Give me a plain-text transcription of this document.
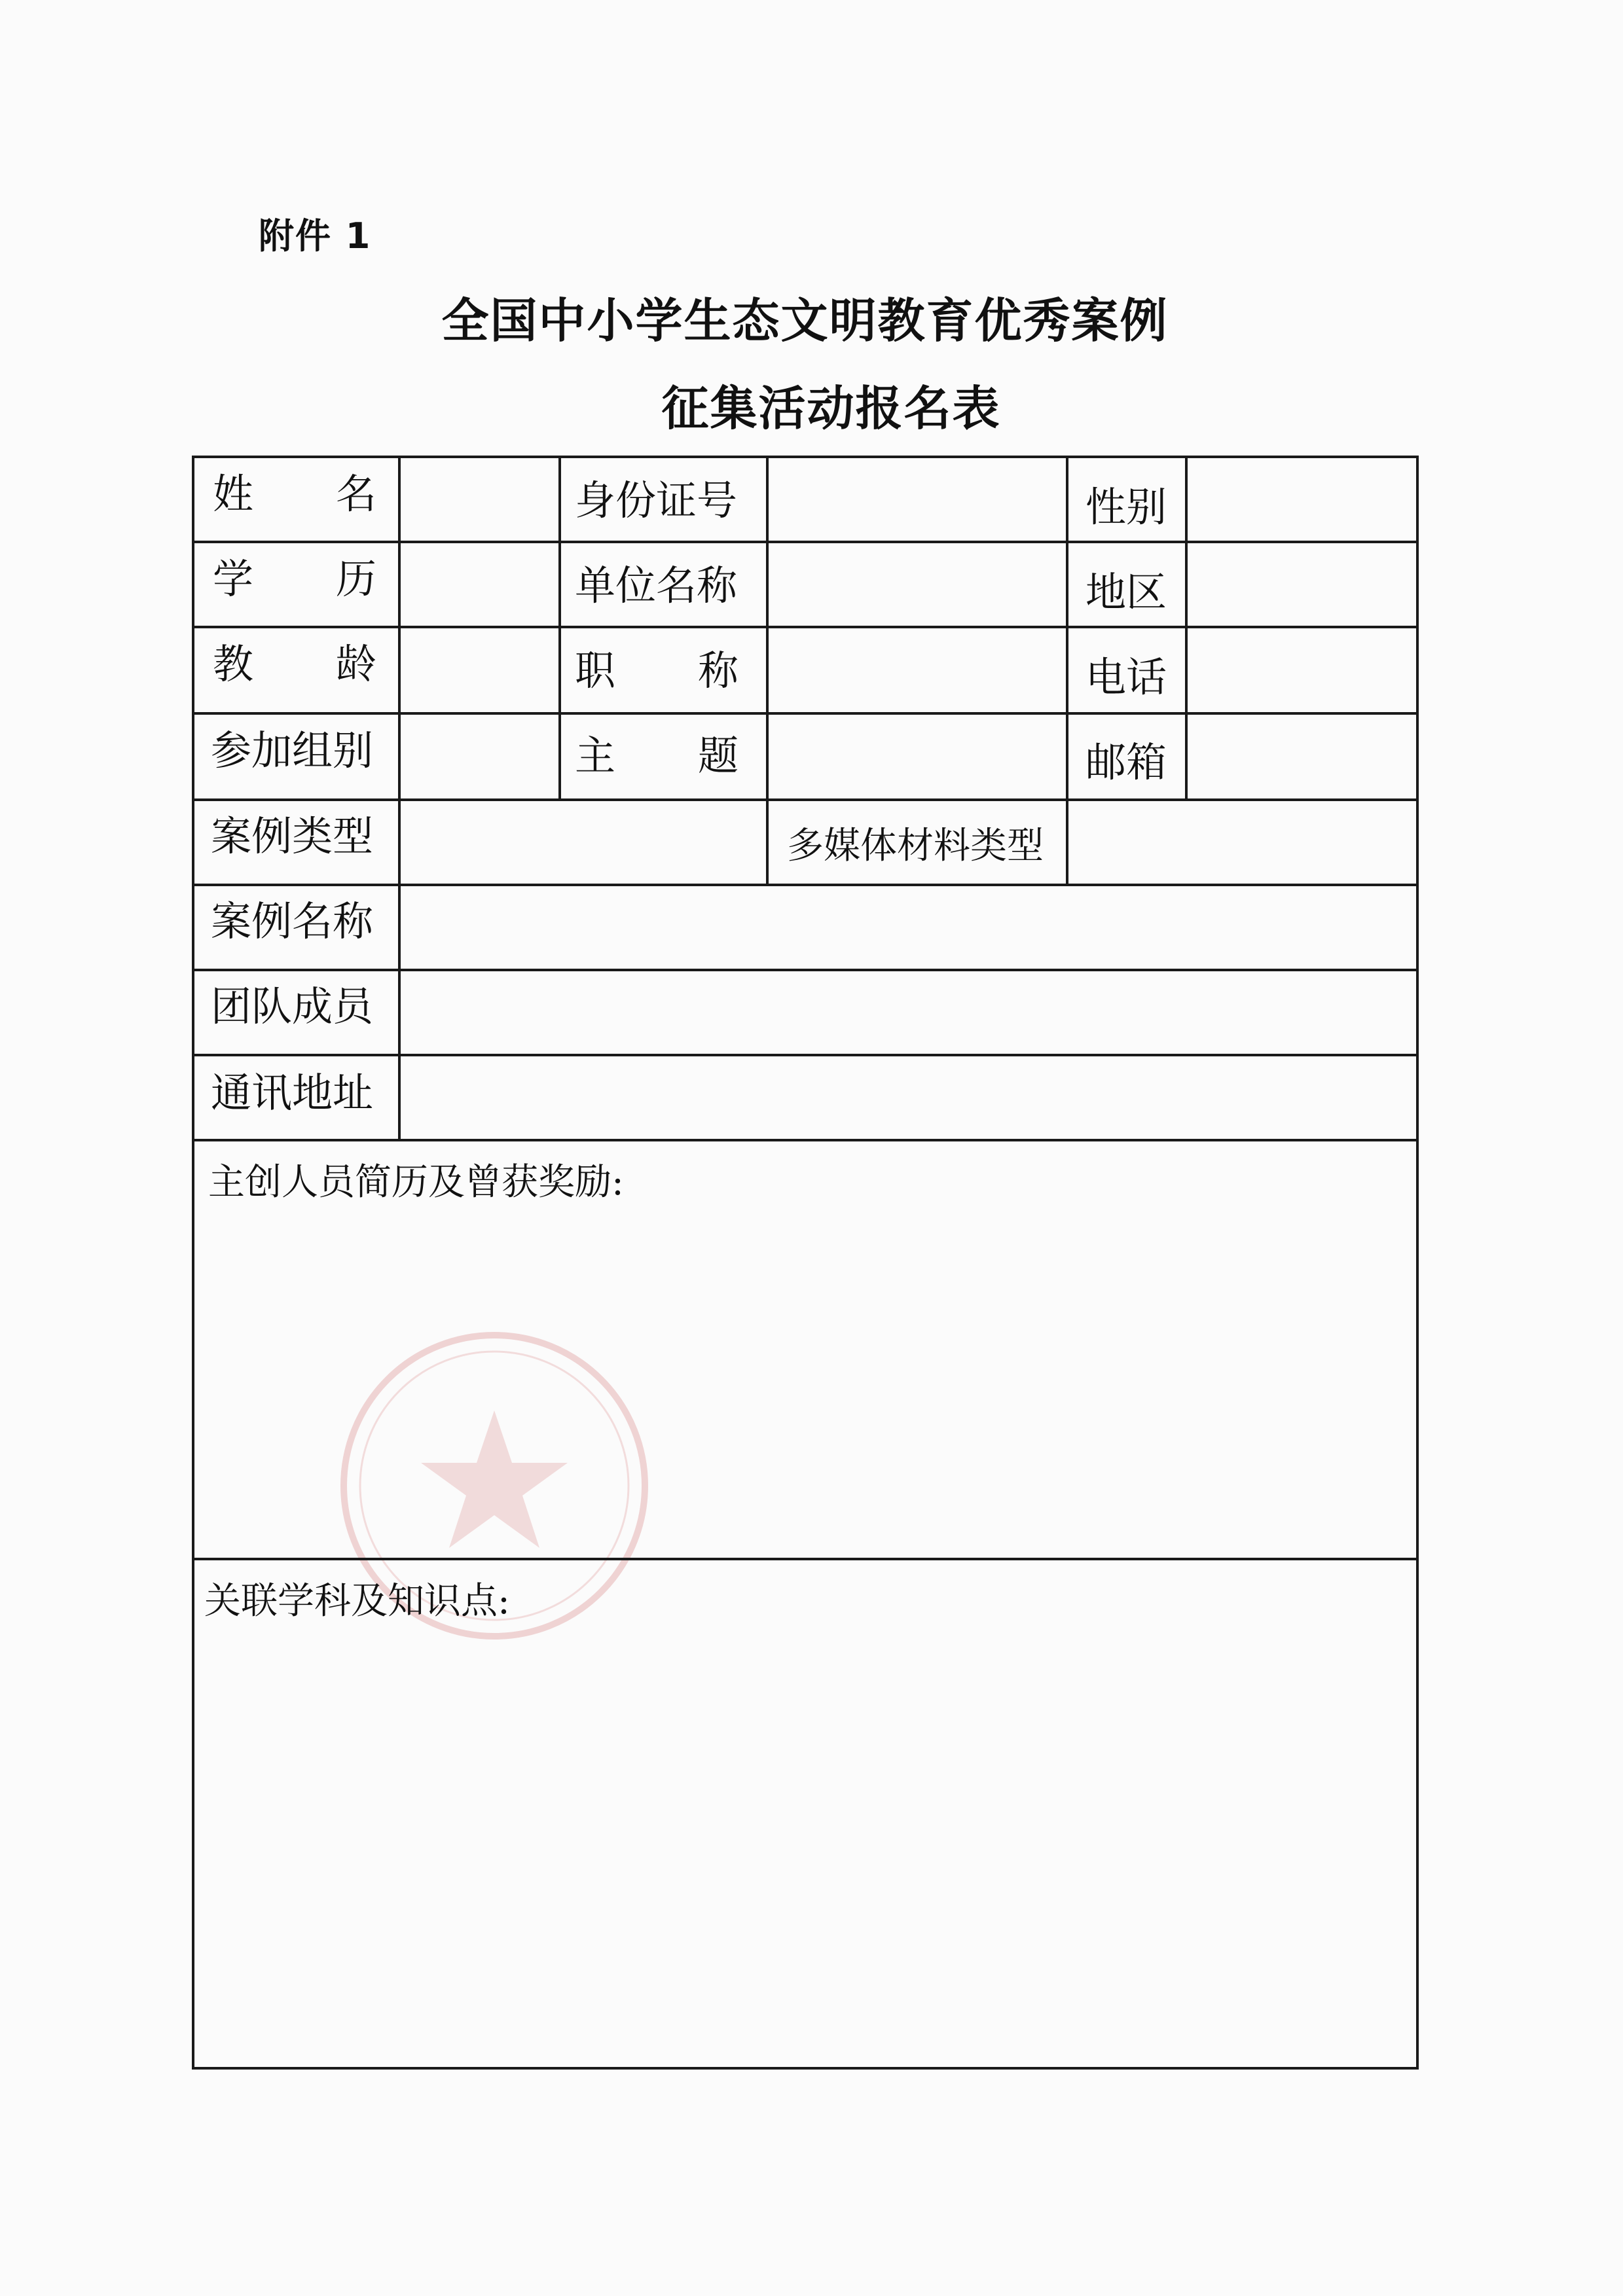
附件 1
全国中小学生态文明教育优秀案例
征集活动报名表
姓 名	身份证号	性别
学 历	单位名称	地区
教 龄	职 称	电话
参加组别	主 题	邮箱
案例类型	多媒体材料类型
案例名称
团队成员
通讯地址
主创人员简历及曾获奖励:
关联学科及知识点:
